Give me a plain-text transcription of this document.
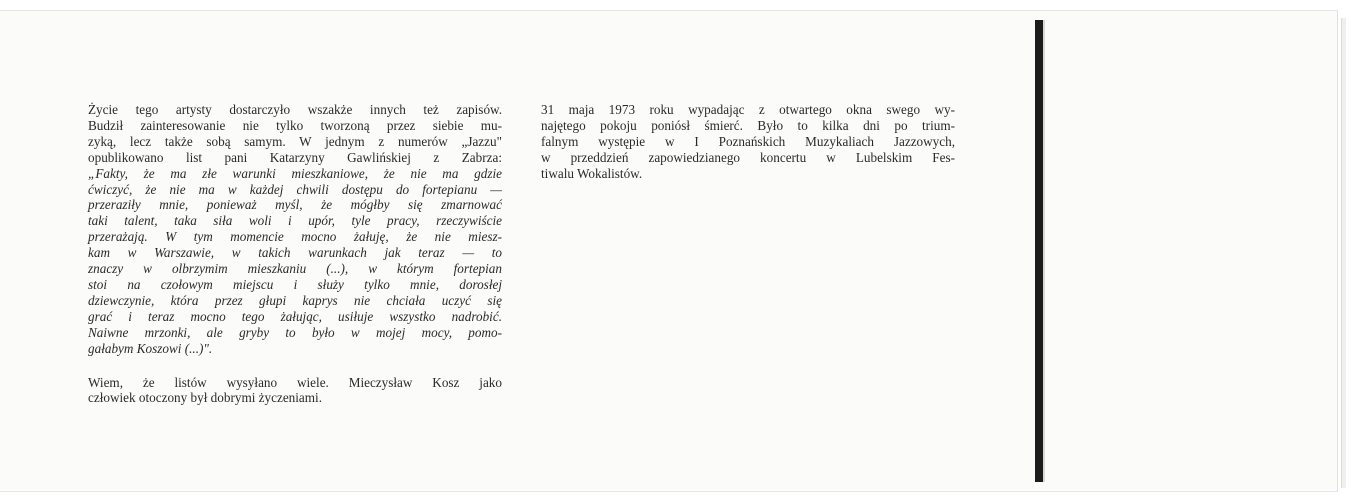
Życie tego artysty dostarczyło wszakże innych też zapisów.
Budził zainteresowanie nie tylko tworzoną przez siebie mu-
zyką, lecz także sobą samym. W jednym z numerów „Jazzu"
opublikowano list pani Katarzyny Gawlińskiej z Zabrza:
„Fakty, że ma złe warunki mieszkaniowe, że nie ma gdzie
ćwiczyć, że nie ma w każdej chwili dostępu do fortepianu —
przeraziły mnie, ponieważ myśl, że mógłby się zmarnować
taki talent, taka siła woli i upór, tyle pracy, rzeczywiście
przerażają. W tym momencie mocno żałuję, że nie miesz-
kam w Warszawie, w takich warunkach jak teraz — to
znaczy w olbrzymim mieszkaniu (...), w którym fortepian
stoi na czołowym miejscu i służy tylko mnie, dorosłej
dziewczynie, która przez głupi kaprys nie chciała uczyć się
grać i teraz mocno tego żałując, usiłuje wszystko nadrobić.
Naiwne mrzonki, ale gryby to było w mojej mocy, pomo-
gałabym Koszowi (...)".
Wiem, że listów wysyłano wiele. Mieczysław Kosz jako
człowiek otoczony był dobrymi życzeniami.
31 maja 1973 roku wypadając z otwartego okna swego wy-
najętego pokoju poniósł śmierć. Było to kilka dni po trium-
falnym występie w I Poznańskich Muzykaliach Jazzowych,
w przeddzień zapowiedzianego koncertu w Lubelskim Fes-
tiwalu Wokalistów.
